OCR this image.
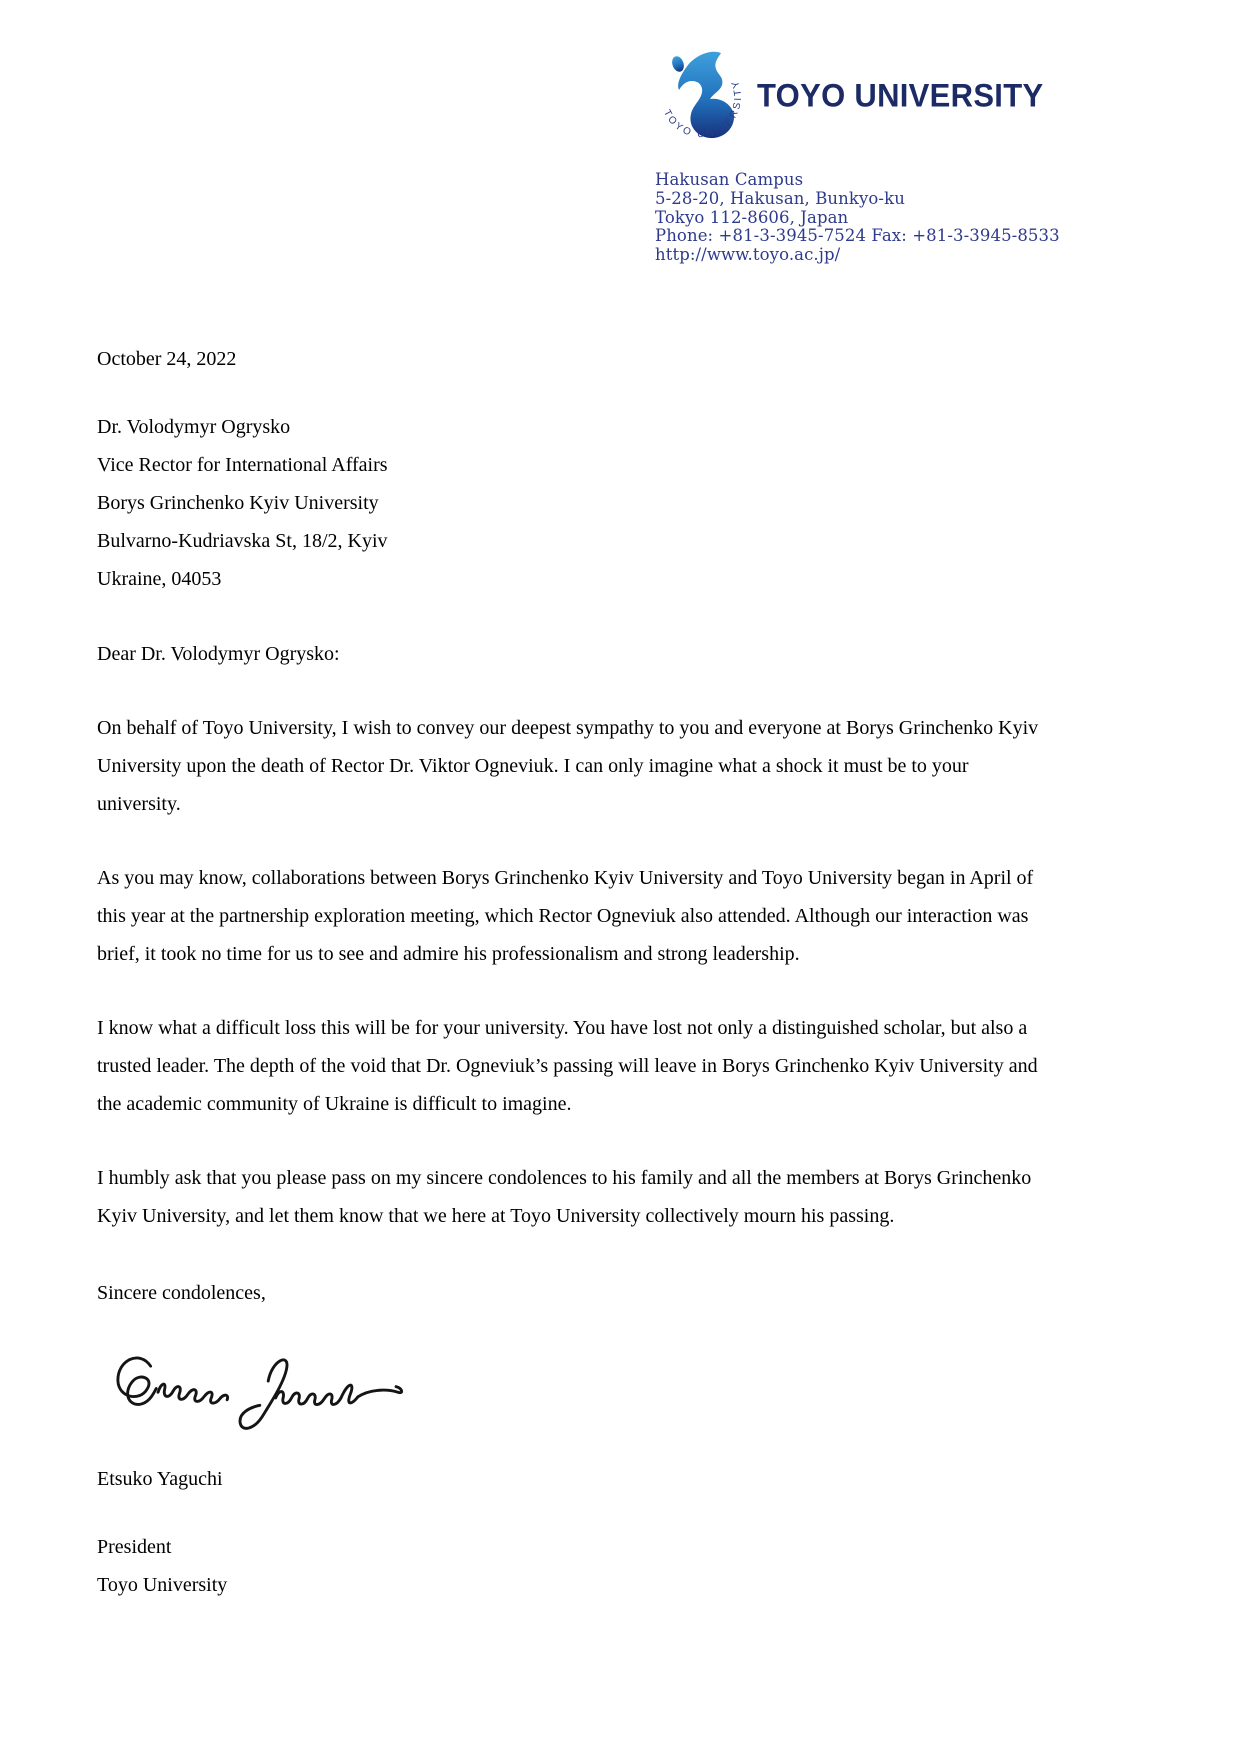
TOYO UNIVERSITY TOYO UNIVERSITY
Hakusan Campus
5-28-20, Hakusan, Bunkyo-ku
Tokyo 112-8606, Japan
Phone: +81-3-3945-7524 Fax: +81-3-3945-8533
http://www.toyo.ac.jp/
October 24, 2022
Dr. Volodymyr Ogrysko
Vice Rector for International Affairs
Borys Grinchenko Kyiv University
Bulvarno-Kudriavska St, 18/2, Kyiv
Ukraine, 04053
Dear Dr. Volodymyr Ogrysko:

On behalf of Toyo University, I wish to convey our deepest sympathy to you and everyone at Borys Grinchenko Kyiv University upon the death of Rector Dr. Viktor Ogneviuk. I can only imagine what a shock it must be to your university.

As you may know, collaborations between Borys Grinchenko Kyiv University and Toyo University began in April of this year at the partnership exploration meeting, which Rector Ogneviuk also attended. Although our interaction was brief, it took no time for us to see and admire his professionalism and strong leadership.

I know what a difficult loss this will be for your university. You have lost not only a distinguished scholar, but also a trusted leader. The depth of the void that Dr. Ogneviuk’s passing will leave in Borys Grinchenko Kyiv University and the academic community of Ukraine is difficult to imagine.

I humbly ask that you please pass on my sincere condolences to his family and all the members at Borys Grinchenko Kyiv University, and let them know that we here at Toyo University collectively mourn his passing.

Sincere condolences,
Etsuko Yaguchi
President
Toyo University
